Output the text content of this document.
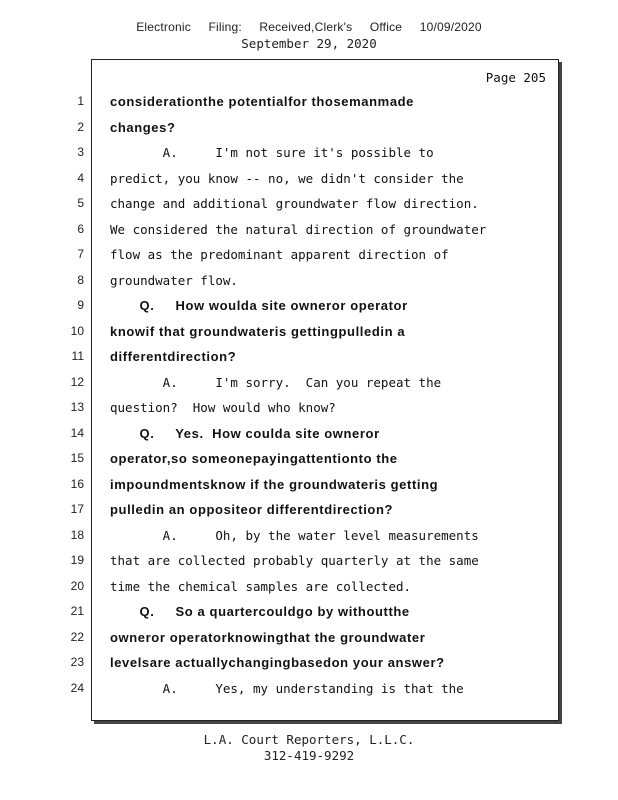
Electronic Filing: Received,Clerk's Office 10/09/2020
September 29, 2020
1
2
3
4
5
6
7
8
9
10
11
12
13
14
15
16
17
18
19
20
21
22
23
24
Page 205
considerationthe potentialfor thosemanmade
changes?
A.     I'm not sure it's possible to
predict, you know -- no, we didn't consider the
change and additional groundwater flow direction.
We considered the natural direction of groundwater
flow as the predominant apparent direction of
groundwater flow.
Q.     How woulda site owneror operator
knowif that groundwateris gettingpulledin a
differentdirection?
A.     I'm sorry.  Can you repeat the
question?  How would who know?
Q.     Yes.  How coulda site owneror
operator,so someonepayingattentionto the
impoundmentsknow if the groundwateris getting
pulledin an oppositeor differentdirection?
A.     Oh, by the water level measurements
that are collected probably quarterly at the same
time the chemical samples are collected.
Q.     So a quartercouldgo by withoutthe
owneror operatorknowingthat the groundwater
levelsare actuallychangingbasedon your answer?
A.     Yes, my understanding is that the
L.A. Court Reporters, L.L.C.
312-419-9292
